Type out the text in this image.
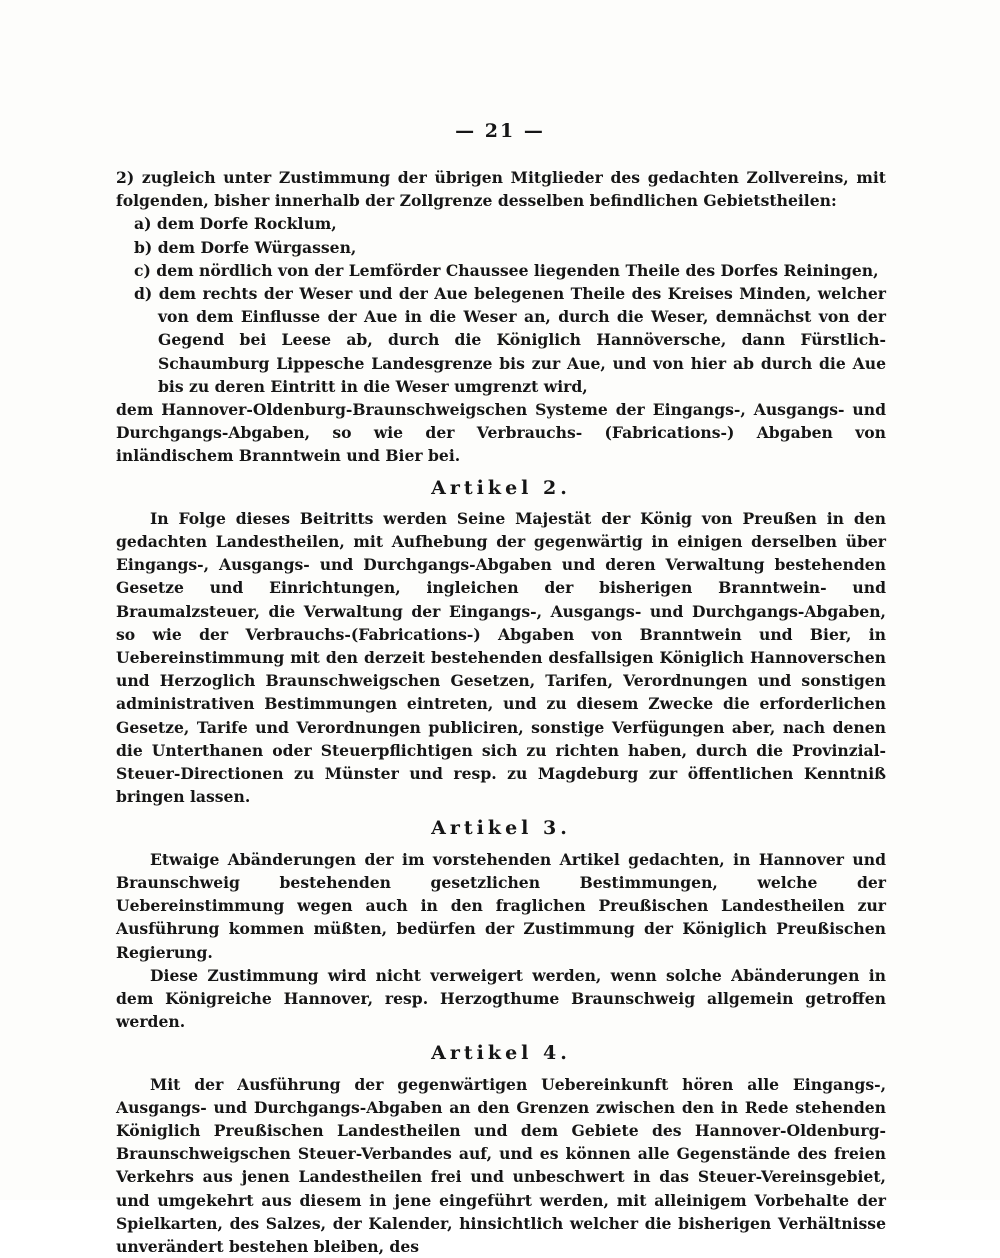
— 21 —

2) zugleich unter Zustimmung der übrigen Mitglieder des gedachten Zollvereins, mit folgenden, bisher innerhalb der Zollgrenze desselben befindlichen Gebietstheilen:

a) dem Dorfe Rocklum,

b) dem Dorfe Würgassen,

c) dem nördlich von der Lemförder Chaussee liegenden Theile des Dorfes Reiningen,

d) dem rechts der Weser und der Aue belegenen Theile des Kreises Minden, welcher von dem Einflusse der Aue in die Weser an, durch die Weser, demnächst von der Gegend bei Leese ab, durch die Königlich Hannöversche, dann Fürstlich-Schaumburg Lippesche Landesgrenze bis zur Aue, und von hier ab durch die Aue bis zu deren Eintritt in die Weser umgrenzt wird,

dem Hannover-Oldenburg-Braunschweigschen Systeme der Eingangs-, Ausgangs- und Durchgangs-Abgaben, so wie der Verbrauchs- (Fabrications-) Abgaben von inländischem Branntwein und Bier bei.

Artikel 2.

In Folge dieses Beitritts werden Seine Majestät der König von Preußen in den gedachten Landestheilen, mit Aufhebung der gegenwärtig in einigen derselben über Eingangs-, Ausgangs- und Durchgangs-Abgaben und deren Verwaltung bestehenden Gesetze und Einrichtungen, ingleichen der bisherigen Branntwein- und Braumalzsteuer, die Verwaltung der Eingangs-, Ausgangs- und Durchgangs-Abgaben, so wie der Verbrauchs-(Fabrications-) Abgaben von Branntwein und Bier, in Uebereinstimmung mit den derzeit bestehenden desfallsigen Königlich Hannoverschen und Herzoglich Braunschweigschen Gesetzen, Tarifen, Verordnungen und sonstigen administrativen Bestimmungen eintreten, und zu diesem Zwecke die erforderlichen Gesetze, Tarife und Verordnungen publiciren, sonstige Verfügungen aber, nach denen die Unterthanen oder Steuerpflichtigen sich zu richten haben, durch die Provinzial-Steuer-Directionen zu Münster und resp. zu Magdeburg zur öffentlichen Kenntniß bringen lassen.

Artikel 3.

Etwaige Abänderungen der im vorstehenden Artikel gedachten, in Hannover und Braunschweig bestehenden gesetzlichen Bestimmungen, welche der Uebereinstimmung wegen auch in den fraglichen Preußischen Landestheilen zur Ausführung kommen müßten, bedürfen der Zustimmung der Königlich Preußischen Regierung.

Diese Zustimmung wird nicht verweigert werden, wenn solche Abänderungen in dem Königreiche Hannover, resp. Herzogthume Braunschweig allgemein getroffen werden.

Artikel 4.

Mit der Ausführung der gegenwärtigen Uebereinkunft hören alle Eingangs-, Ausgangs- und Durchgangs-Abgaben an den Grenzen zwischen den in Rede stehenden Königlich Preußischen Landestheilen und dem Gebiete des Hannover-Oldenburg-Braunschweigschen Steuer-Verbandes auf, und es können alle Gegenstände des freien Verkehrs aus jenen Landestheilen frei und unbeschwert in das Steuer-Vereinsgebiet, und umgekehrt aus diesem in jene eingeführt werden, mit alleinigem Vorbehalte der Spielkarten, des Salzes, der Kalender, hinsichtlich welcher die bisherigen Verhältnisse unverändert bestehen bleiben, des
